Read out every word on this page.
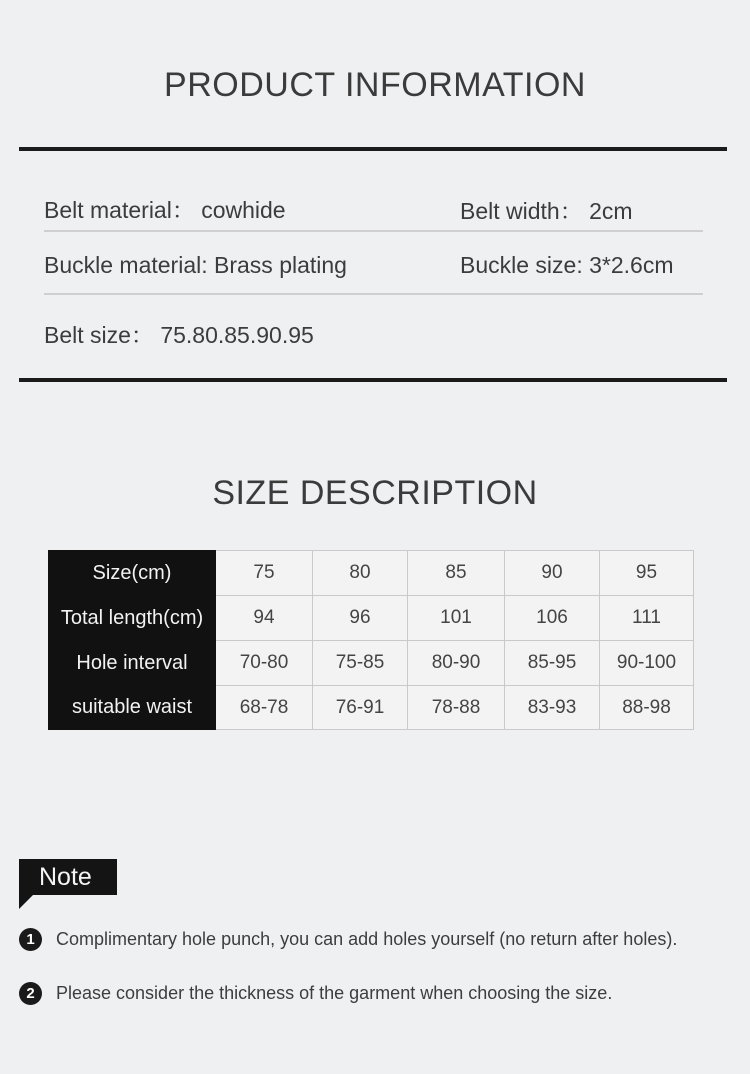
PRODUCT INFORMATION
Belt material： cowhide	Belt width： 2cm
Buckle material: Brass plating	Buckle size: 3*2.6cm
Belt size： 75.80.85.90.95
SIZE DESCRIPTION
Size(cm)	75	80	85	90	95
Total length(cm)	94	96	101	106	111
Hole interval	70-80	75-85	80-90	85-95	90-100
suitable waist	68-78	76-91	78-88	83-93	88-98
Note
1	Complimentary hole punch, you can add holes yourself (no return after holes).
2	Please consider the thickness of the garment when choosing the size.
